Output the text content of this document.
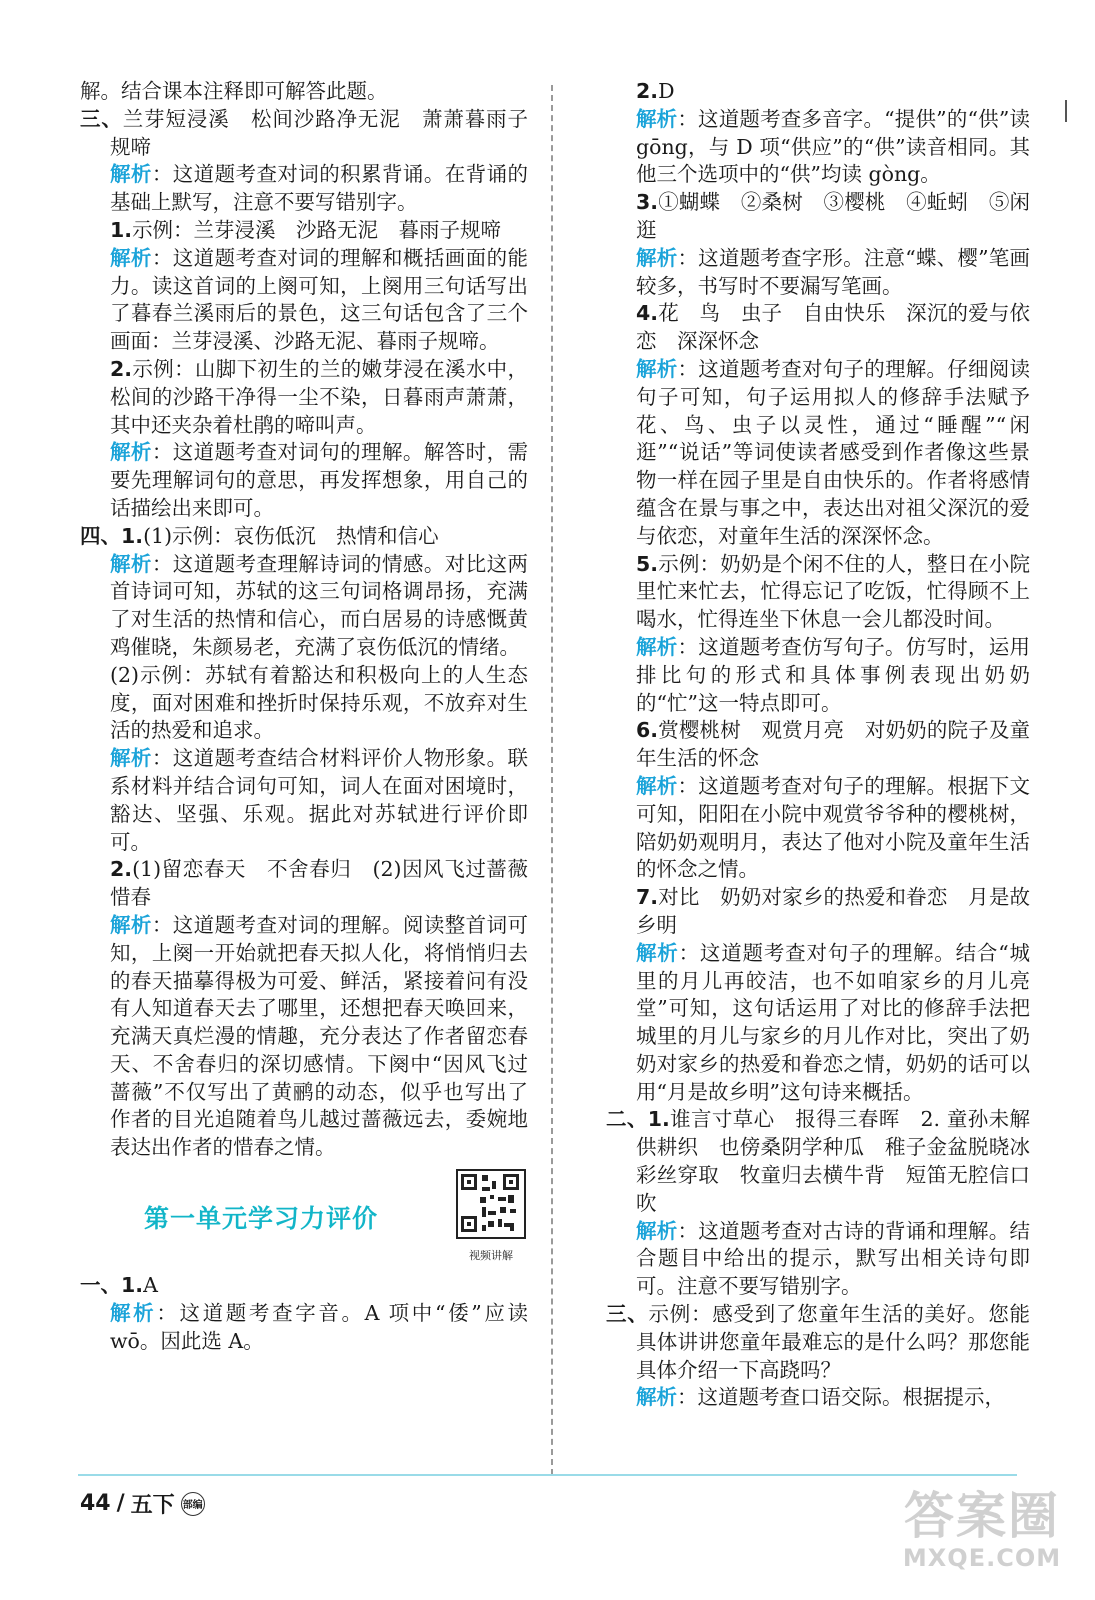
解。结合课本注释即可解答此题。
三、兰芽短浸溪　松间沙路净无泥　萧萧暮雨子规啼
解析：这道题考查对词的积累背诵。在背诵的基础上默写，注意不要写错别字。
1.示例：兰芽浸溪　沙路无泥　暮雨子规啼
解析：这道题考查对词的理解和概括画面的能力。读这首词的上阕可知，上阕用三句话写出了暮春兰溪雨后的景色，这三句话包含了三个画面：兰芽浸溪、沙路无泥、暮雨子规啼。
2.示例：山脚下初生的兰的嫩芽浸在溪水中，松间的沙路干净得一尘不染，日暮雨声萧萧，其中还夹杂着杜鹃的啼叫声。
解析：这道题考查对词句的理解。解答时，需要先理解词句的意思，再发挥想象，用自己的话描绘出来即可。
四、1.(1)示例：哀伤低沉　热情和信心
解析：这道题考查理解诗词的情感。对比这两首诗词可知，苏轼的这三句词格调昂扬，充满了对生活的热情和信心，而白居易的诗感慨黄鸡催晓，朱颜易老，充满了哀伤低沉的情绪。
(2)示例：苏轼有着豁达和积极向上的人生态度，面对困难和挫折时保持乐观，不放弃对生活的热爱和追求。
解析：这道题考查结合材料评价人物形象。联系材料并结合词句可知，词人在面对困境时，豁达、坚强、乐观。据此对苏轼进行评价即可。
2.(1)留恋春天　不舍春归　(2)因风飞过蔷薇　惜春
解析：这道题考查对词的理解。阅读整首词可知，上阕一开始就把春天拟人化，将悄悄归去的春天描摹得极为可爱、鲜活，紧接着问有没有人知道春天去了哪里，还想把春天唤回来，充满天真烂漫的情趣，充分表达了作者留恋春天、不舍春归的深切感情。下阕中“因风飞过蔷薇”不仅写出了黄鹂的动态，似乎也写出了作者的目光追随着鸟儿越过蔷薇远去，委婉地表达出作者的惜春之情。
第一单元学习力评价
视频讲解
一、1.A
解析：这道题考查字音。A 项中“倭”应读 wō。因此选 A。
2.D
解析：这道题考查多音字。“提供”的“供”读 gōng，与 D 项“供应”的“供”读音相同。其他三个选项中的“供”均读 gòng。
3.①蝴蝶　②桑树　③樱桃　④蚯蚓　⑤闲逛
解析：这道题考查字形。注意“蝶、樱”笔画较多，书写时不要漏写笔画。
4.花　鸟　虫子　自由快乐　深沉的爱与依恋　深深怀念
解析：这道题考查对句子的理解。仔细阅读句子可知，句子运用拟人的修辞手法赋予花、鸟、虫子以灵性，通过“睡醒”“闲逛”“说话”等词使读者感受到作者像这些景物一样在园子里是自由快乐的。作者将感情蕴含在景与事之中，表达出对祖父深沉的爱与依恋，对童年生活的深深怀念。
5.示例：奶奶是个闲不住的人，整日在小院里忙来忙去，忙得忘记了吃饭，忙得顾不上喝水，忙得连坐下休息一会儿都没时间。
解析：这道题考查仿写句子。仿写时，运用排比句的形式和具体事例表现出奶奶的“忙”这一特点即可。
6.赏樱桃树　观赏月亮　对奶奶的院子及童年生活的怀念
解析：这道题考查对句子的理解。根据下文可知，阳阳在小院中观赏爷爷种的樱桃树，陪奶奶观明月，表达了他对小院及童年生活的怀念之情。
7.对比　奶奶对家乡的热爱和眷恋　月是故乡明
解析：这道题考查对句子的理解。结合“城里的月儿再皎洁，也不如咱家乡的月儿亮堂”可知，这句话运用了对比的修辞手法把城里的月儿与家乡的月儿作对比，突出了奶奶对家乡的热爱和眷恋之情，奶奶的话可以用“月是故乡明”这句诗来概括。
二、1.谁言寸草心　报得三春晖　2. 童孙未解供耕织　也傍桑阴学种瓜　稚子金盆脱晓冰　彩丝穿取　牧童归去横牛背　短笛无腔信口吹
解析：这道题考查对古诗的背诵和理解。结合题目中给出的提示，默写出相关诗句即可。注意不要写错别字。
三、示例：感受到了您童年生活的美好。您能具体讲讲您童年最难忘的是什么吗？那您能具体介绍一下高跷吗？
解析：这道题考查口语交际。根据提示，
44 / 五下 部编	答案圈
MXQE.COM
